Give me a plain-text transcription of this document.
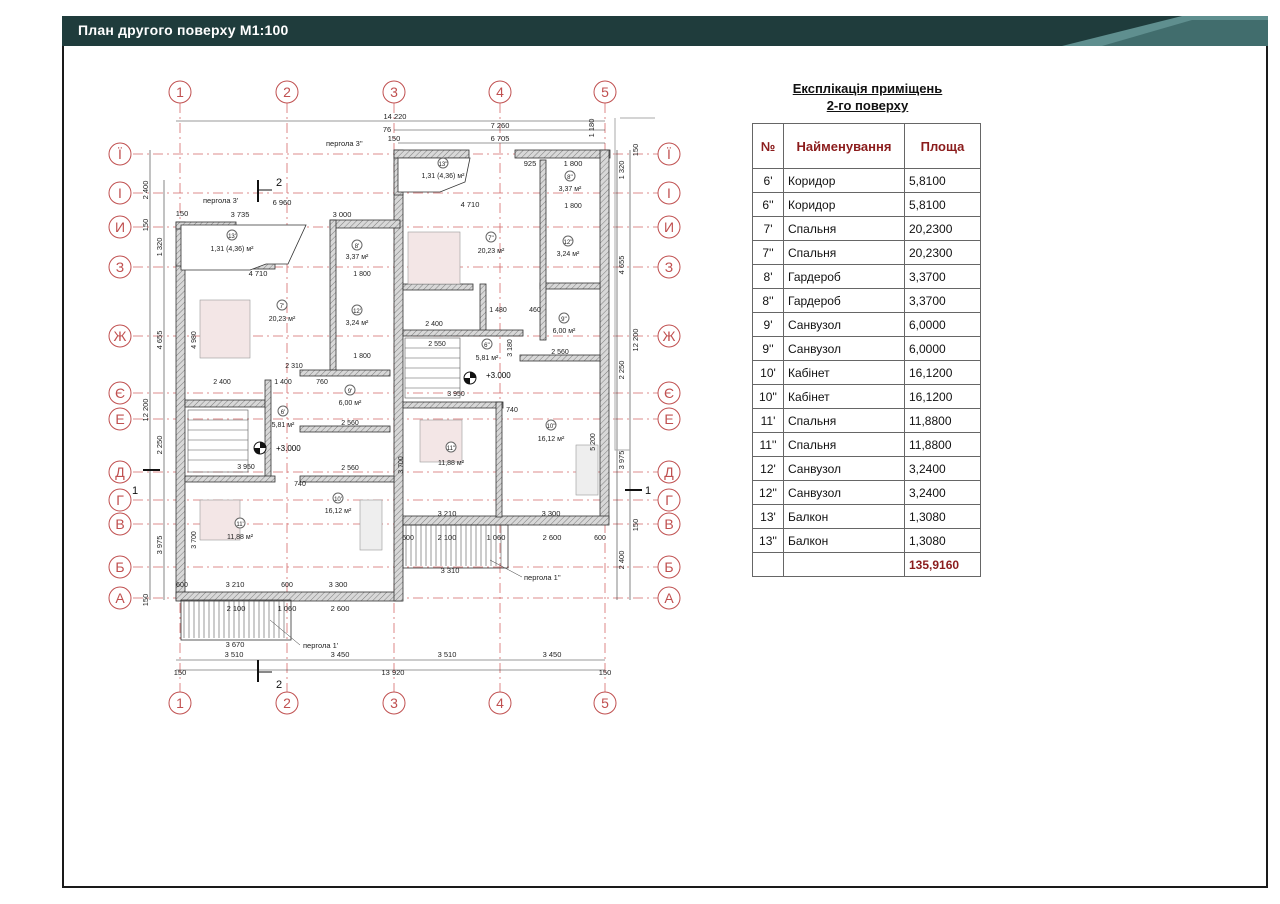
План другого поверху М1:100
1	2	3	4	5
1	2	3	4	5
Ї	Ї
І	І
И	И
З	З
Ж	Ж
Є	Є
Е	Е
Д	Д
Г	Г
В	В
Б	Б
А	А
+3.000
+3.000
13'
1,31 (4,36) м²	8'
3,37 м²
7'
20,23 м²
12'
3,24 м²
9'
6,00 м²
6'
5,81 м²
10'
16,12 м²
11'
11,88 м²
13''
1,31 (4,36) м²	8''
3,37 м²
7''
20,23 м²
12''
3,24 м²
9''
6,00 м²
6''
5,81 м²
11''
11,88 м²
10''
16,12 м²
14 220
7 260
6 705
6 960
3 735	3 000
4 710
4 710
150
76
1 800
925
150
3 510	3 450	3 510	3 450
13 920
150	150
3 670
3 210	3 300
3 210	3 300
3 310
2 100	2 600
2 100	2 600
1 060
1 060
2 400
1 320
4 655
2 250
3 975
150
150
12 200
1 320
4 655
2 250
3 975
2 400
150
150
12 200
1 180
2 400
2 400
1 400	760
2 310
2 560
2 560
2 560
3 950
3 950
1 800
1 800
1 800
1 480	460
2 550	3 180
3 700
3 700
4 980
5 200
740
740
600	600
600	600
пергола 3'
пергола 3''
пергола 1'
пергола 1''
2
2
1	1
Експлікація приміщень
2-го поверху
№	Найменування	Площа
6'	Коридор	5,8100
6''	Коридор	5,8100
7'	Спальня	20,2300
7''	Спальня	20,2300
8'	Гардероб	3,3700
8''	Гардероб	3,3700
9'	Санвузол	6,0000
9''	Санвузол	6,0000
10'	Кабінет	16,1200
10''	Кабінет	16,1200
11'	Спальня	11,8800
11''	Спальня	11,8800
12'	Санвузол	3,2400
12''	Санвузол	3,2400
13'	Балкон	1,3080
13''	Балкон	1,3080
		135,9160
